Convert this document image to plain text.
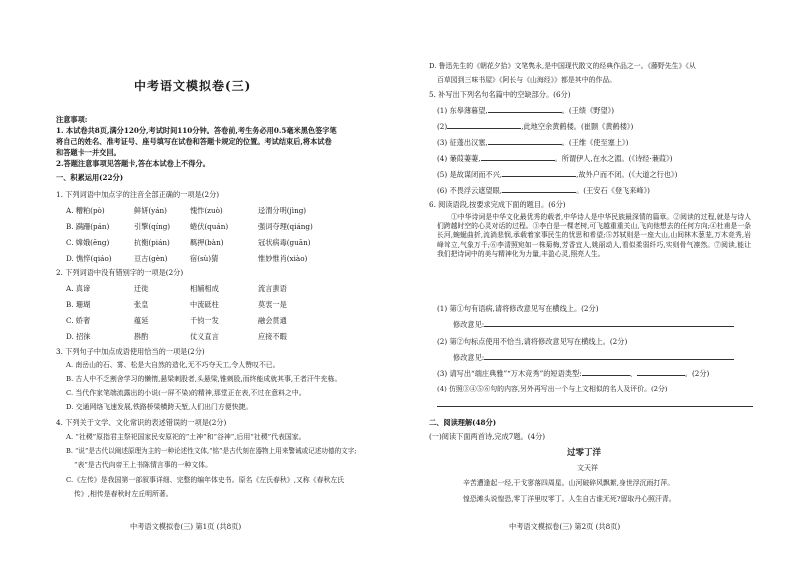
中考语文模拟卷(三)
注意事项:
1. 本试卷共8页,满分120分,考试时间110分钟。答卷前,考生务必用0.5毫米黑色签字笔
将自己的姓名、准考证号、座号填写在试卷和答题卡规定的位置。考试结束后,将本试卷
和答题卡一并交回。
2.答题注意事项见答题卡,答在本试卷上不得分。
一、积累运用(22分)
1. 下列词语中加点字的注音全部正确的一项是(2分)
A. 糟粕(pò)	鲜妍(yán)	愧怍(zuò)	迳渭分明(jìng)
B. 蹒跚(pán)	引擎(qíng)	蜷伏(quán)	强词夺理(qiáng)
C. 嫦娥(ēng)	抗衡(pián)	羁押(bàn)	冠状病毒(guān)
D. 憔悴(qiáo)	亘古(gèn)	宿(sù)猜	惟妙惟肖(xiào)
2. 下列词语中没有错别字的一项是(2分)
A. 真谛	迁徙	相辅相成	流言蜚语
B. 珊瑚	张皇	中流砥柱	莫衷一是
C. 娇奢	蕴延	千钧一发	融会贯通
D. 招徕	斟酌	仗义直言	应接不暇
3. 下列句子中加点成语使用恰当的一项是(2分)
A. 南岳山的石、雾、松是大自然的造化,无不巧夺天工,令人赞叹不已。
B. 古人中不乏割舍学习的懒惰,悬梁刺股者,头悬梁,锥刺股,而终能成就其事,王者汗牛充栋。
C. 当代作家笔端流露出的小说(一屏不染)的精神,那堂正在表,不过在意料之中。
D. 交通网络飞速发展,铁路桥梁横跨天堑,人们出门方便快捷。
4. 下列关于文学、文化常识的表述错误的一项是(2分)
A. “社稷”原指君主祭祀国家民安原祀的“土神”和“谷神”,后用“社稷”代表国家。
B. “说”是古代以阐述原理为主的一种论述性文体,“铭”是古代刻在器物上用来警诫或记述功德的文字;
“表”是古代向帝王上书陈情言事的一种文体。
C.《左传》是我国第一部叙事详细、完整的编年体史书。原名《左氏春秋》,又称《春秋左氏
传》,相传是春秋时左丘明所著。
中考语文模拟卷(三) 第1页 (共8页)
D. 鲁迅先生的《朝花夕拾》文笔隽永,是中国现代散文的经典作品之一。《藤野先生》《从
百草园到三味书屋》《阿长与《山海经》》都是其中的作品。
5. 补写出下列名句名篇中的空缺部分。(6分)
(1) 东皋薄暮望,	。(王绩《野望》)
(2)	,此地空余黄鹤楼。(崔颢《黄鹤楼》)
(3) 征蓬出汉塞,	。(王维《使至塞上》)
(4) 蒹葭萋萋,	。所谓伊人,在水之湄。(《诗经·蒹葭》)
(5) 是故谋闭而不兴,	,故外户而不闭。(《大道之行也》)
(6) 不畏浮云遮望眼,	。(王安石《登飞来峰》)
6. 阅读语段,按要求完成下面的题目。(6分)
①中华诗词是中华文化最优秀的载者,中华诗人是中华民族最深情的篇章。②阅读的过程,就是与诗人们跨越时空的心灵对话的过程。③李白是一棵老树,可飞越重重关山,飞向他想去的任何方向;④杜甫是一条长河,蜿蜒曲折,流淌悲悯,承载着家事民生的忧思和希望;⑤苏轼则是一座大山,山间林木葱茏,万木竞秀,岩峰耸立,气象万千;⑥李清照宛如一株菊梅,芳香宜人,姚丽动人,看似柔弱纤巧,实则骨气凛然。⑦阅读,能让我们把诗词中的美与精神化为力量,丰盈心灵,照亮人生。
(1) 第①句有语病,请将修改意见写在横线上。(2分)
修改意见:
(2) 第②句标点使用不恰当,请将修改意见写在横线上。(2分)
修改意见:
(3) 请写出“端庄典雅”“万木竞秀”的短语类型:	、	。(2分)
(4) 仿照③④⑤⑥句的内容,另外再写出一个与上文相似的名人及评价。(2分)
二、阅读理解(48分)
(一)阅读下面两首诗,完成7题。(4分)
过零丁洋
文天祥
辛苦遭逢起一经,干戈寥落四周星。山河破碎风飘絮,身世浮沉雨打萍。
惶恐滩头说惶恐,零丁洋里叹零丁。人生自古谁无死?留取丹心照汗青。
中考语文模拟卷(三) 第2页 (共8页)
